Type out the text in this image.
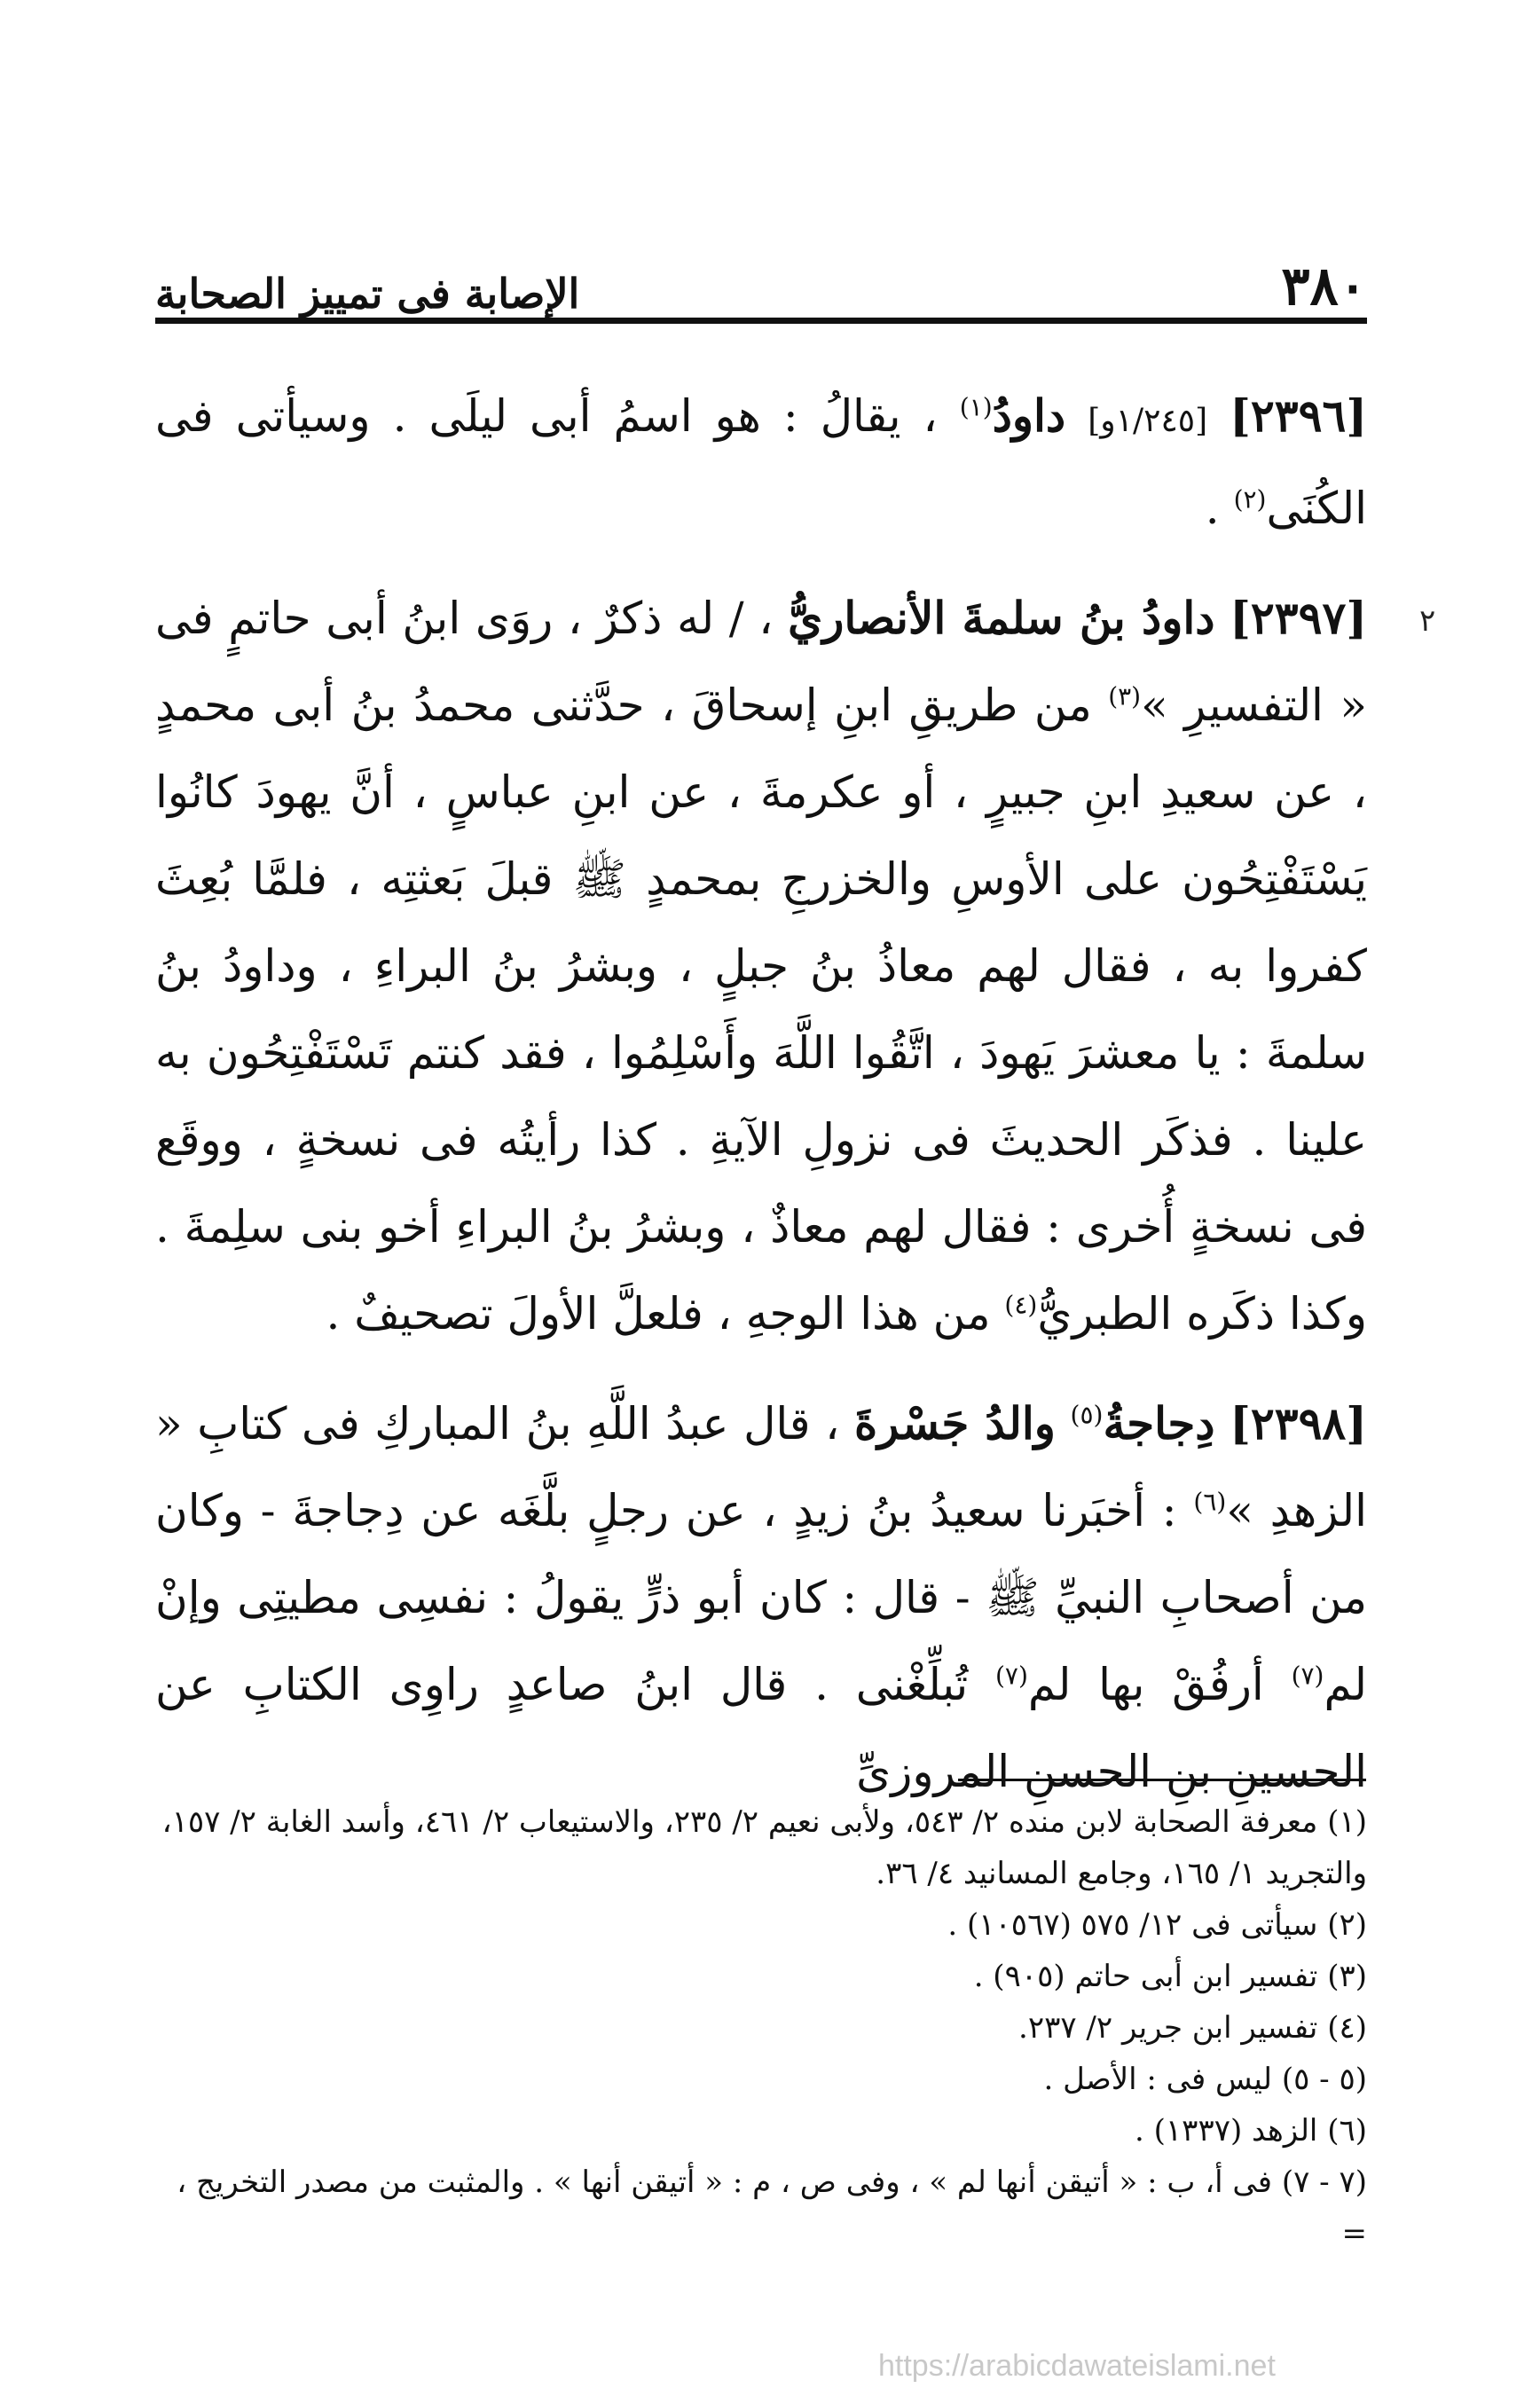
٣٨٠
الإصابة فى تمييز الصحابة
٢

[٢٣٩٦] [١/٢٤٥و] داودُ$^{(١)}$ ، يقالُ : هو اسمُ أبى ليلَى . وسيأتى فى الكُنَى$^{(٢)}$ .

[٢٣٩٧] داودُ بنُ سلمةَ الأنصاريُّ ، / له ذكرٌ ، روَى ابنُ أبى حاتمٍ فى « التفسيرِ »$^{(٣)}$ من طريقِ ابنِ إسحاقَ ، حدَّثنى محمدُ بنُ أبى محمدٍ ، عن سعيدِ ابنِ جبيرٍ ، أو عكرمةَ ، عن ابنِ عباسٍ ، أنَّ يهودَ كانُوا يَسْتَفْتِحُون على الأوسِ والخزرجِ بمحمدٍ ﷺ قبلَ بَعثتِه ، فلمَّا بُعِثَ كفروا به ، فقال لهم معاذُ بنُ جبلٍ ، وبشرُ بنُ البراءِ ، وداودُ بنُ سلمةَ : يا معشرَ يَهودَ ، اتَّقُوا اللَّهَ وأَسْلِمُوا ، فقد كنتم تَسْتَفْتِحُون به علينا . فذكَر الحديثَ فى نزولِ الآيةِ . كذا رأيتُه فى نسخةٍ ، ووقَع فى نسخةٍ أُخرى : فقال لهم معاذٌ ، وبشرُ بنُ البراءِ أخو بنى سلِمةَ . وكذا ذكَره الطبريُّ$^{(٤)}$ من هذا الوجهِ ، فلعلَّ الأولَ تصحيفٌ .

[٢٣٩٨] دِجاجةُ$^{(٥)}$ والدُ جَسْرةَ ، قال عبدُ اللَّهِ بنُ المباركِ فى كتابِ « الزهدِ »$^{(٦)}$ : أخبَرنا سعيدُ بنُ زيدٍ ، عن رجلٍ بلَّغَه عن دِجاجةَ - وكان من أصحابِ النبيِّ ﷺ - قال : كان أبو ذرٍّ يقولُ : نفسِى مطيتِى وإنْ لم$^{(٧)}$ أرفُقْ بها لم$^{(٧)}$ تُبلِّغْنى . قال ابنُ صاعدٍ راوِى الكتابِ عن الحسينِ بنِ الحسنِ المروزىِّ

(١) معرفة الصحابة لابن منده ٢/ ٥٤٣، ولأبى نعيم ٢/ ٢٣٥، والاستيعاب ٢/ ٤٦١، وأسد الغابة ٢/ ١٥٧، والتجريد ١/ ١٦٥، وجامع المسانيد ٤/ ٣٦.

(٢) سيأتى فى ١٢/ ٥٧٥ (١٠٥٦٧) .

(٣) تفسير ابن أبى حاتم (٩٠٥) .

(٤) تفسير ابن جرير ٢/ ٢٣٧.

(٥ - ٥) ليس فى : الأصل .

(٦) الزهد (١٣٣٧) .

(٧ - ٧) فى أ، ب : « أتيقن أنها لم » ، وفى ص ، م : « أتيقن أنها » . والمثبت من مصدر التخريج ، =

https://arabicdawateislami.net
